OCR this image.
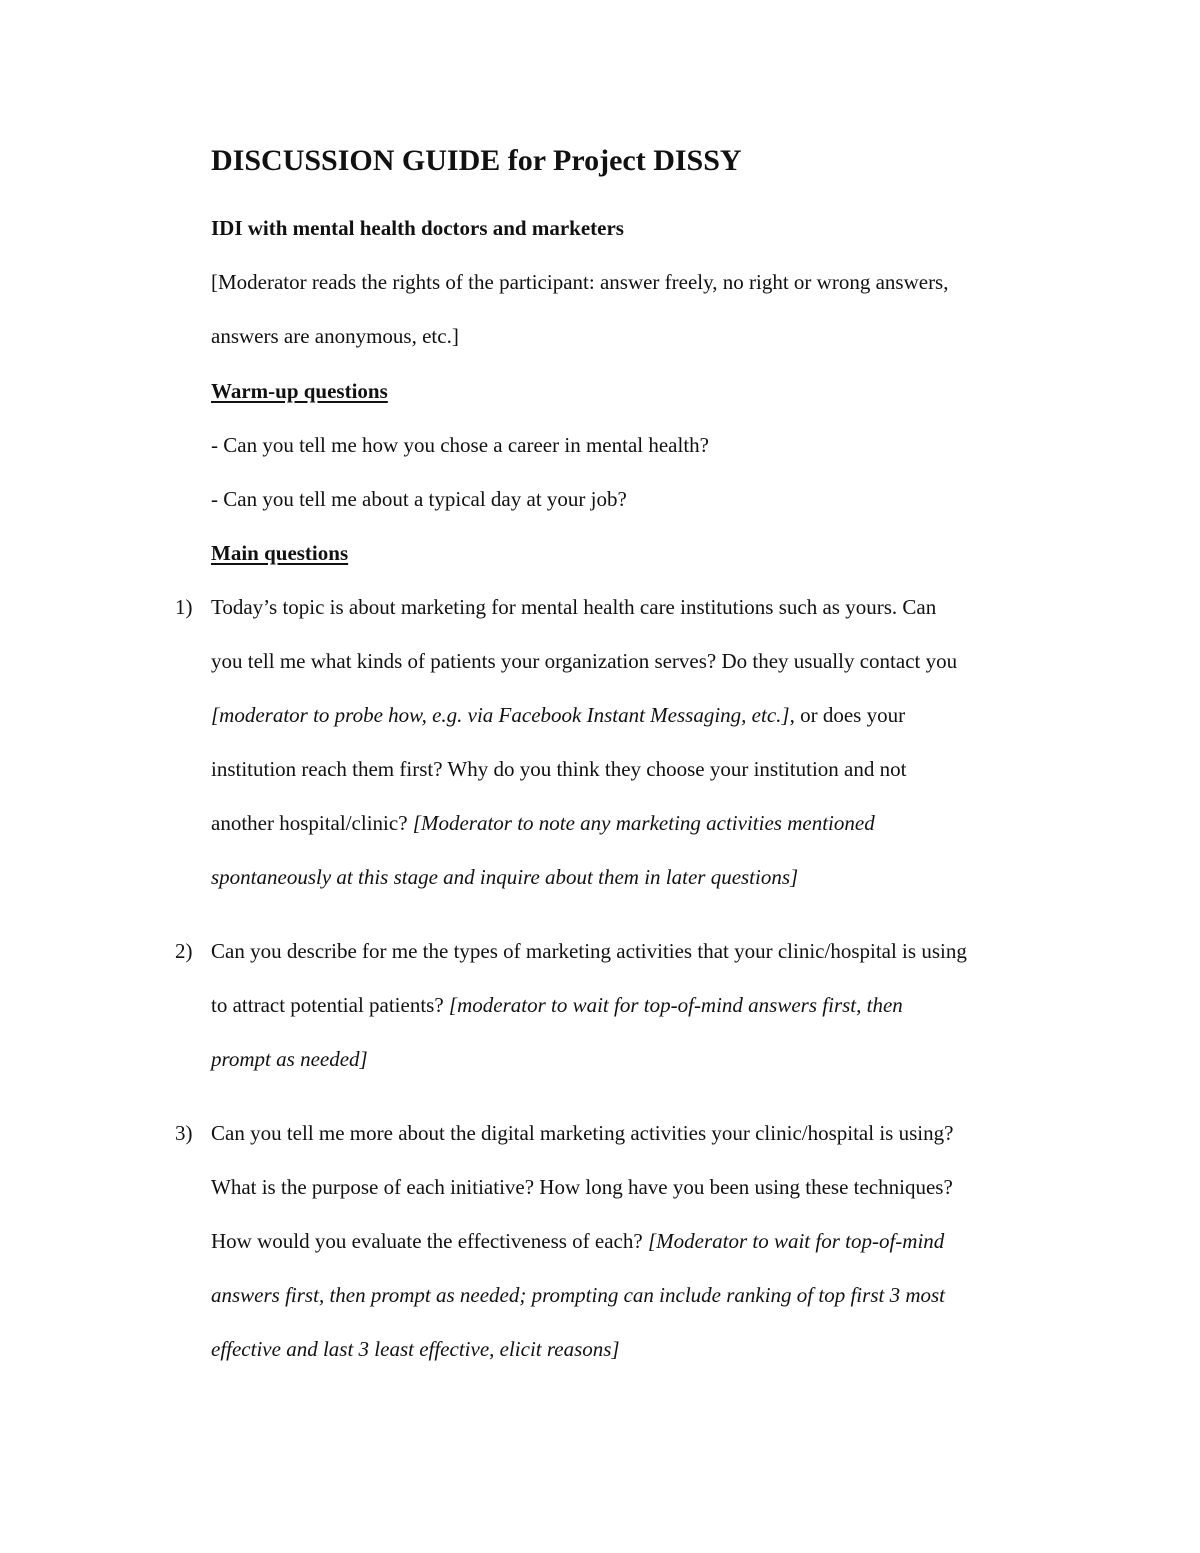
DISCUSSION GUIDE for Project DISSY
IDI with mental health doctors and marketers
[Moderator reads the rights of the participant: answer freely, no right or wrong answers,
answers are anonymous, etc.]
Warm-up questions
- Can you tell me how you chose a career in mental health?
- Can you tell me about a typical day at your job?
Main questions
1) Today’s topic is about marketing for mental health care institutions such as yours. Can
you tell me what kinds of patients your organization serves? Do they usually contact you
[moderator to probe how, e.g. via Facebook Instant Messaging, etc.], or does your
institution reach them first? Why do you think they choose your institution and not
another hospital/clinic? [Moderator to note any marketing activities mentioned
spontaneously at this stage and inquire about them in later questions]
2) Can you describe for me the types of marketing activities that your clinic/hospital is using
to attract potential patients? [moderator to wait for top-of-mind answers first, then
prompt as needed]
3) Can you tell me more about the digital marketing activities your clinic/hospital is using?
What is the purpose of each initiative? How long have you been using these techniques?
How would you evaluate the effectiveness of each? [Moderator to wait for top-of-mind
answers first, then prompt as needed; prompting can include ranking of top first 3 most
effective and last 3 least effective, elicit reasons]
